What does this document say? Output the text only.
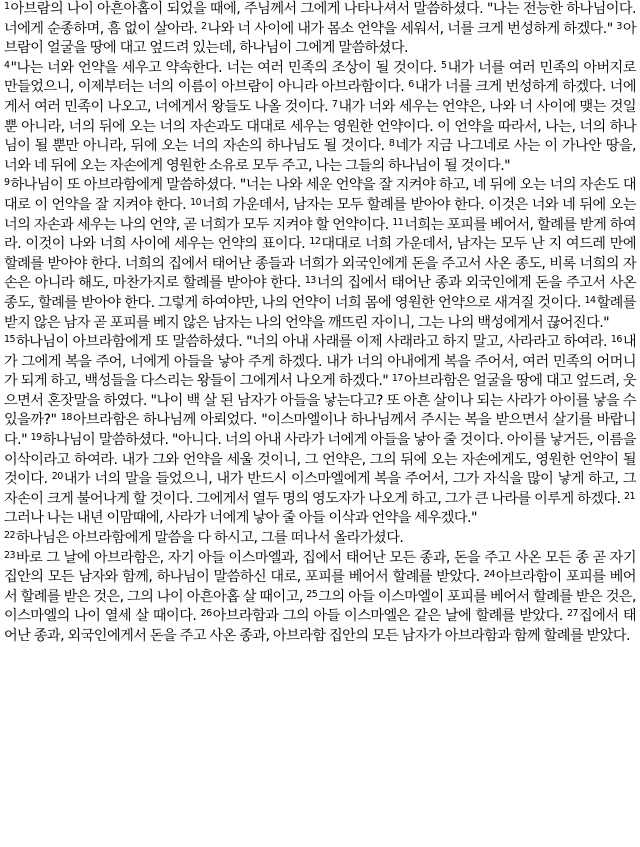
$^1$아브람의 나이 아흔아홉이 되었을 때에, 주님께서 그에게 나타나셔서 말씀하셨다. "나는 전능한 하나님이다. 너에게 순종하며, 흠 없이 살아라. $^2$나와 너 사이에 내가 몸소 언약을 세워서, 너를 크게 번성하게 하겠다." $^3$아브람이 얼굴을 땅에 대고 엎드려 있는데, 하나님이 그에게 말씀하셨다.

$^4$"나는 너와 언약을 세우고 약속한다. 너는 여러 민족의 조상이 될 것이다. $^5$내가 너를 여러 민족의 아버지로 만들었으니, 이제부터는 너의 이름이 아브람이 아니라 아브라함이다. $^6$내가 너를 크게 번성하게 하겠다. 너에게서 여러 민족이 나오고, 너에게서 왕들도 나올 것이다. $^7$내가 너와 세우는 언약은, 나와 너 사이에 맺는 것일 뿐 아니라, 너의 뒤에 오는 너의 자손과도 대대로 세우는 영원한 언약이다. 이 언약을 따라서, 나는, 너의 하나님이 될 뿐만 아니라, 뒤에 오는 너의 자손의 하나님도 될 것이다. $^8$네가 지금 나그네로 사는 이 가나안 땅을, 너와 네 뒤에 오는 자손에게 영원한 소유로 모두 주고, 나는 그들의 하나님이 될 것이다."

$^9$하나님이 또 아브라함에게 말씀하셨다. "너는 나와 세운 언약을 잘 지켜야 하고, 네 뒤에 오는 너의 자손도 대대로 이 언약을 잘 지켜야 한다. $^{10}$너희 가운데서, 남자는 모두 할례를 받아야 한다. 이것은 너와 네 뒤에 오는 너의 자손과 세우는 나의 언약, 곧 너희가 모두 지켜야 할 언약이다. $^{11}$너희는 포피를 베어서, 할례를 받게 하여라. 이것이 나와 너희 사이에 세우는 언약의 표이다. $^{12}$대대로 너희 가운데서, 남자는 모두 난 지 여드레 만에 할례를 받아야 한다. 너희의 집에서 태어난 종들과 너희가 외국인에게 돈을 주고서 사온 종도, 비록 너희의 자손은 아니라 해도, 마찬가지로 할례를 받아야 한다. $^{13}$너의 집에서 태어난 종과 외국인에게 돈을 주고서 사온 종도, 할례를 받아야 한다. 그렇게 하여야만, 나의 언약이 너희 몸에 영원한 언약으로 새겨질 것이다. $^{14}$할례를 받지 않은 남자 곧 포피를 베지 않은 남자는 나의 언약을 깨뜨린 자이니, 그는 나의 백성에게서 끊어진다."

$^{15}$하나님이 아브라함에게 또 말씀하셨다. "너의 아내 사래를 이제 사래라고 하지 말고, 사라라고 하여라. $^{16}$내가 그에게 복을 주어, 너에게 아들을 낳아 주게 하겠다. 내가 너의 아내에게 복을 주어서, 여러 민족의 어머니가 되게 하고, 백성들을 다스리는 왕들이 그에게서 나오게 하겠다." $^{17}$아브라함은 얼굴을 땅에 대고 엎드려, 웃으면서 혼잣말을 하였다. "나이 백 살 된 남자가 아들을 낳는다고? 또 아흔 살이나 되는 사라가 아이를 낳을 수 있을까?" $^{18}$아브라함은 하나님께 아뢰었다. "이스마엘이나 하나님께서 주시는 복을 받으면서 살기를 바랍니다." $^{19}$하나님이 말씀하셨다. "아니다. 너의 아내 사라가 너에게 아들을 낳아 줄 것이다. 아이를 낳거든, 이름을 이삭이라고 하여라. 내가 그와 언약을 세울 것이니, 그 언약은, 그의 뒤에 오는 자손에게도, 영원한 언약이 될 것이다. $^{20}$내가 너의 말을 들었으니, 내가 반드시 이스마엘에게 복을 주어서, 그가 자식을 많이 낳게 하고, 그 자손이 크게 불어나게 할 것이다. 그에게서 열두 명의 영도자가 나오게 하고, 그가 큰 나라를 이루게 하겠다. $^{21}$그러나 나는 내년 이맘때에, 사라가 너에게 낳아 줄 아들 이삭과 언약을 세우겠다."

$^{22}$하나님은 아브라함에게 말씀을 다 하시고, 그를 떠나서 올라가셨다.

$^{23}$바로 그 날에 아브라함은, 자기 아들 이스마엘과, 집에서 태어난 모든 종과, 돈을 주고 사온 모든 종 곧 자기 집안의 모든 남자와 함께, 하나님이 말씀하신 대로, 포피를 베어서 할례를 받았다. $^{24}$아브라함이 포피를 베어서 할례를 받은 것은, 그의 나이 아흔아홉 살 때이고, $^{25}$그의 아들 이스마엘이 포피를 베어서 할례를 받은 것은, 이스마엘의 나이 열세 살 때이다. $^{26}$아브라함과 그의 아들 이스마엘은 같은 날에 할례를 받았다. $^{27}$집에서 태어난 종과, 외국인에게서 돈을 주고 사온 종과, 아브라함 집안의 모든 남자가 아브라함과 함께 할례를 받았다.
